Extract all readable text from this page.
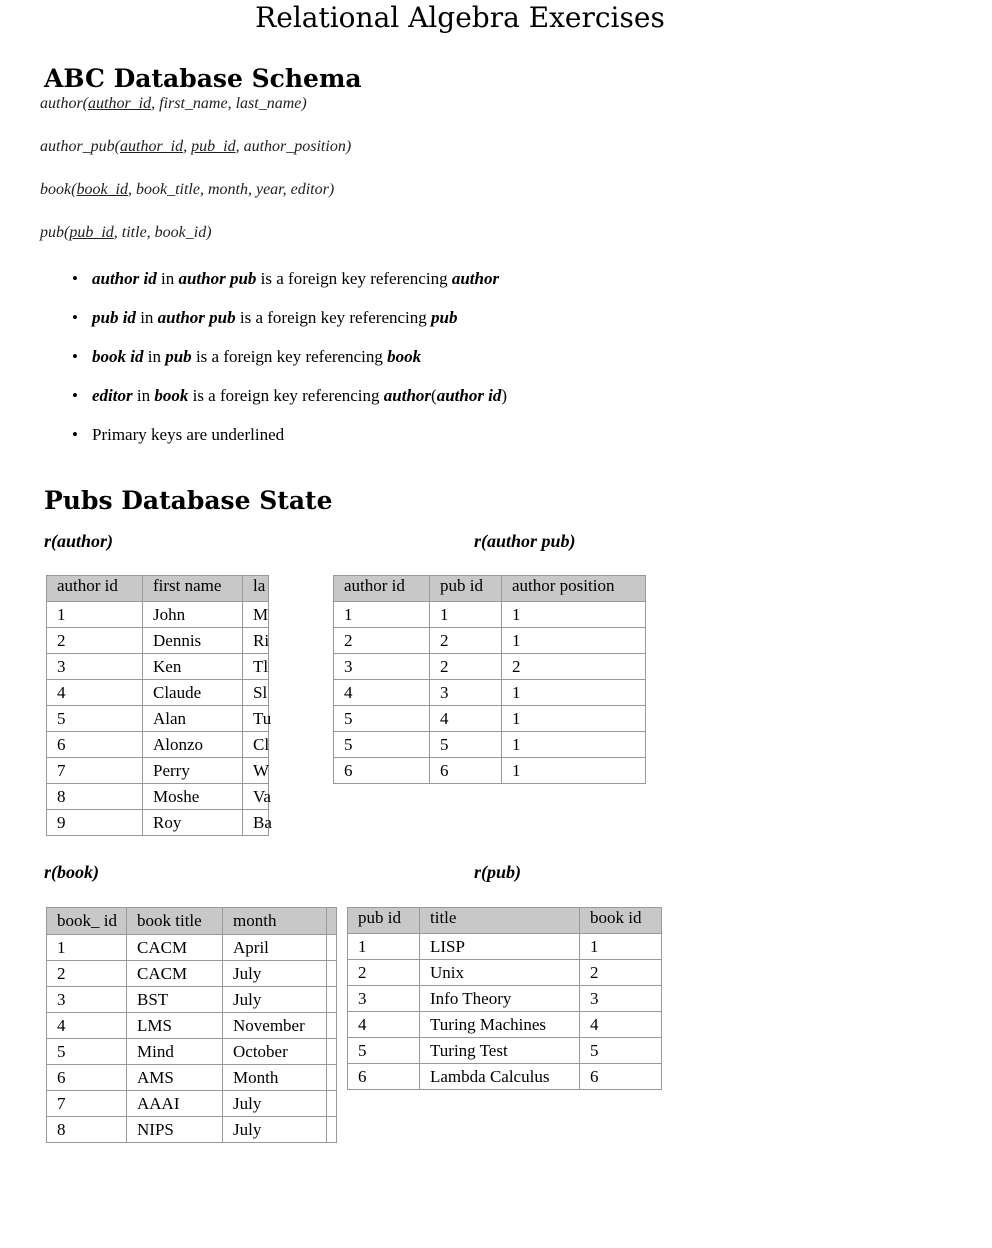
Relational Algebra Exercises
ABC Database Schema
author(author_id, first_name, last_name)
author_pub(author_id, pub_id, author_position)
book(book_id, book_title, month, year, editor)
pub(pub_id, title, book_id)
• author id in author pub is a foreign key referencing author
• pub id in author pub is a foreign key referencing pub
• book id in pub is a foreign key referencing book
• editor in book is a foreign key referencing author(author id)
• Primary keys are underlined
Pubs Database State
r(author)	r(author pub)
author id	first name	la
1	John	M
2	Dennis	Ri
3	Ken	Tl
4	Claude	Sl
5	Alan	Tu
6	Alonzo	Cl
7	Perry	W
8	Moshe	Va
9	Roy	Ba
author id	pub id	author position
1	1	1
2	2	1
3	2	2
4	3	1
5	4	1
5	5	1
6	6	1
r(book)	r(pub)
book_ id	book title	month	
1	CACM	April	
2	CACM	July	
3	BST	July	
4	LMS	November	
5	Mind	October	
6	AMS	Month	
7	AAAI	July	
8	NIPS	July	
pub id	title	book id
1	LISP	1
2	Unix	2
3	Info Theory	3
4	Turing Machines	4
5	Turing Test	5
6	Lambda Calculus	6
